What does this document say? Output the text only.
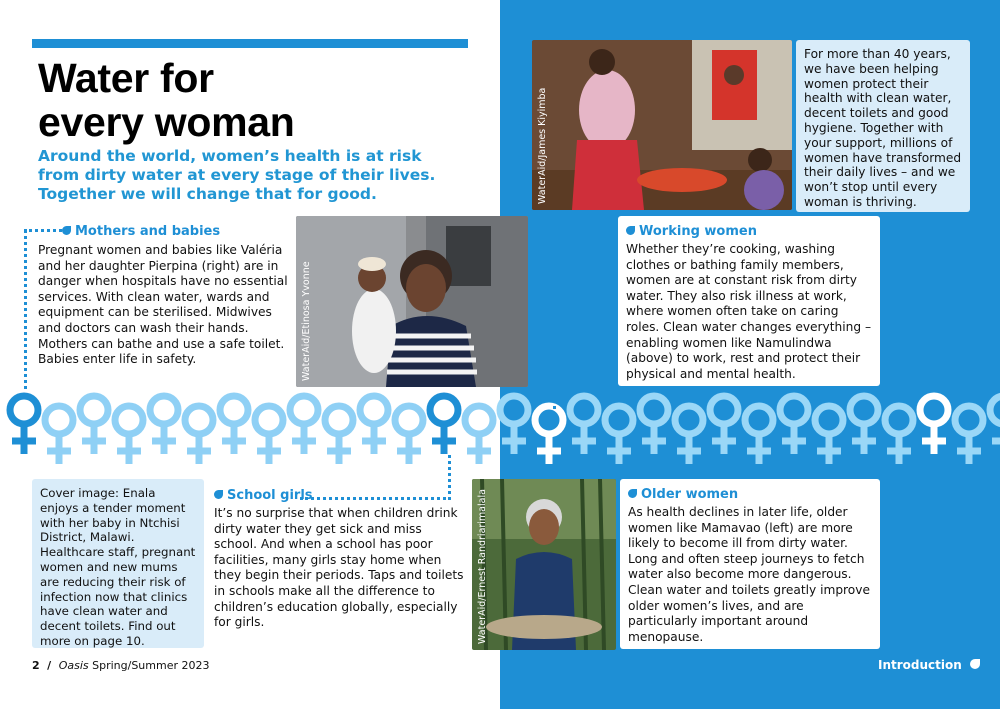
Water for
every woman
Around the world, women’s health is at risk from dirty water at every stage of their lives. Together we will change that for good.
Mothers and babies
Pregnant women and babies like Valéria and her daughter Pierpina (right) are in danger when hospitals have no essential services. With clean water, wards and equipment can be sterilised. Midwives and doctors can wash their hands. Mothers can bathe and use a safe toilet. Babies enter life in safety.	WaterAid/Etinosa Yvonne
WaterAid/James Kiyimba
For more than 40 years, we have been helping women protect their health with clean water, decent toilets and good hygiene. Together with your support, millions of women have transformed their daily lives – and we won’t stop until every woman is thriving.
Working women
Whether they’re cooking, washing clothes or bathing family members, women are at constant risk from dirty water. They also risk illness at work, where women often take on caring roles. Clean water changes everything – enabling women like Namulindwa (above) to work, rest and protect their physical and mental health.
Cover image: Enala enjoys a tender moment with her baby in Ntchisi District, Malawi. Healthcare staff, pregnant women and new mums are reducing their risk of infection now that clinics have clean water and decent toilets. Find out more on page 10.
School girls
It’s no surprise that when children drink dirty water they get sick and miss school. And when a school has poor facilities, many girls stay home when they begin their periods. Taps and toilets in schools make all the difference to children’s education globally, especially for girls.	WaterAid/Ernest Randriarimalala	Older women
As health declines in later life, older women like Mamavao (left) are more likely to become ill from dirty water. Long and often steep journeys to fetch water also become more dangerous. Clean water and toilets greatly improve older women’s lives, and are particularly important around menopause.
2 / Oasis Spring/Summer 2023	Introduction
